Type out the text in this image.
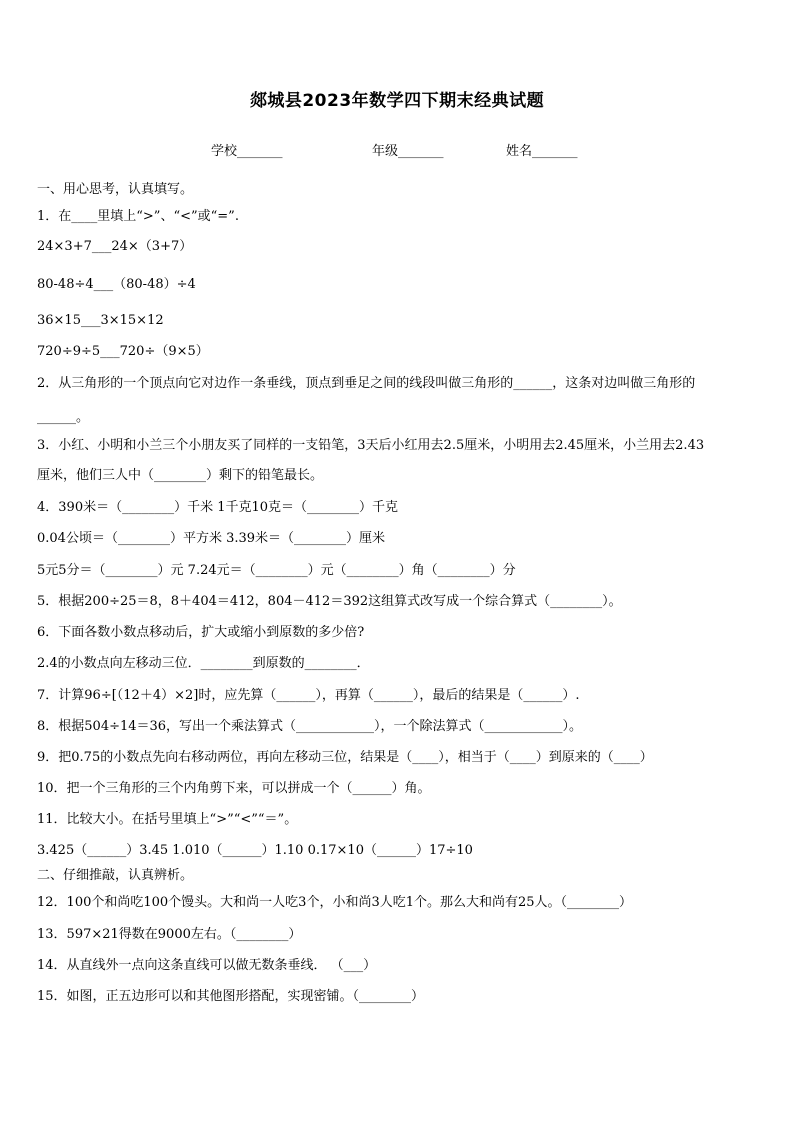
郯城县2023年数学四下期末经典试题
学校_______	年级_______	姓名_______
一、用心思考，认真填写。
1．在____里填上“>”、“<”或“=”.
24×3+7___24×（3+7）
80-48÷4___（80-48）÷4
36×15___3×15×12
720÷9÷5___720÷（9×5）
2．从三角形的一个顶点向它对边作一条垂线，顶点到垂足之间的线段叫做三角形的______，这条对边叫做三角形的
______。
3．小红、小明和小兰三个小朋友买了同样的一支铅笔，3天后小红用去2.5厘米，小明用去2.45厘米，小兰用去2.43
厘米，他们三人中（________）剩下的铅笔最长。
4．390米＝（________）千米 1千克10克＝（________）千克
0.04公顷＝（________）平方米 3.39米＝（________）厘米
5元5分＝（________）元 7.24元＝（________）元（________）角（________）分
5．根据200÷25＝8，8＋404＝412，804－412＝392这组算式改写成一个综合算式（________）。
6．下面各数小数点移动后，扩大或缩小到原数的多少倍?
2.4的小数点向左移动三位．________到原数的________．
7．计算96÷[（12＋4）×2]时，应先算（______），再算（______），最后的结果是（______）.
8．根据504÷14＝36，写出一个乘法算式（____________），一个除法算式（____________）。
9．把0.75的小数点先向右移动两位，再向左移动三位，结果是（____），相当于（____）到原来的（____）
10．把一个三角形的三个内角剪下来，可以拼成一个（______）角。
11．比较大小。在括号里填上“>”“<”“＝”。
3.425（______）3.45 1.010（______）1.10 0.17×10（______）17÷10
二、仔细推敲，认真辨析。
12．100个和尚吃100个馒头。大和尚一人吃3个，小和尚3人吃1个。那么大和尚有25人。（________）
13．597×21得数在9000左右。（________）
14．从直线外一点向这条直线可以做无数条垂线． （___）
15．如图，正五边形可以和其他图形搭配，实现密铺。（________）
